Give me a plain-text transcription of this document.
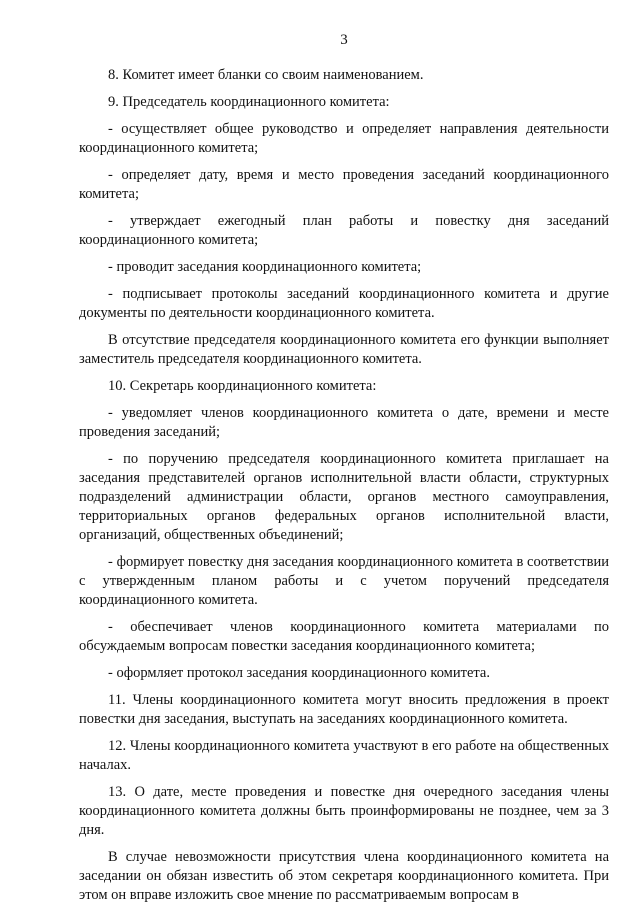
3

8. Комитет имеет бланки со своим наименованием.

9. Председатель координационного комитета:

- осуществляет общее руководство и определяет направления деятельности координационного комитета;

- определяет дату, время и место проведения заседаний координационного комитета;

- утверждает ежегодный план работы и повестку дня заседаний координационного комитета;

- проводит заседания координационного комитета;

- подписывает протоколы заседаний координационного комитета и другие документы по деятельности координационного комитета.

В отсутствие председателя координационного комитета его функции выполняет заместитель председателя координационного комитета.

10. Секретарь координационного комитета:

- уведомляет членов координационного комитета о дате, времени и месте проведения заседаний;

- по поручению председателя координационного комитета приглашает на заседания представителей органов исполнительной власти области, структурных подразделений администрации области, органов местного самоуправления, территориальных органов федеральных органов исполнительной власти, организаций, общественных объединений;

- формирует повестку дня заседания координационного комитета в соответствии с утвержденным планом работы и с учетом поручений председателя координационного комитета.

- обеспечивает членов координационного комитета материалами по обсуждаемым вопросам повестки заседания координационного комитета;

- оформляет протокол заседания координационного комитета.

11. Члены координационного комитета могут вносить предложения в проект повестки дня заседания, выступать на заседаниях координационного комитета.

12. Члены координационного комитета участвуют в его работе на общественных началах.

13. О дате, месте проведения и повестке дня очередного заседания члены координационного комитета должны быть проинформированы не позднее, чем за 3 дня.

В случае невозможности присутствия члена координационного комитета на заседании он обязан известить об этом секретаря координационного комитета. При этом он вправе изложить свое мнение по рассматриваемым вопросам в
